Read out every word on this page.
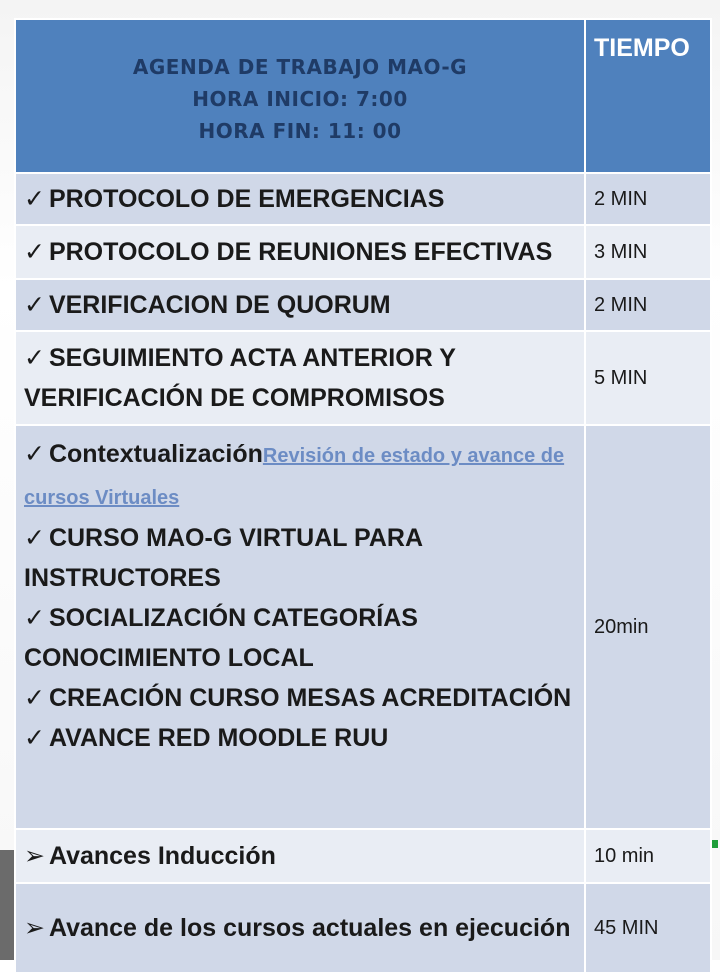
AGENDA DE TRABAJO MAO-G
HORA INICIO: 7:00
HORA FIN: 11: 00	TIEMPO

✓ PROTOCOLO DE EMERGENCIAS	2 MIN

✓ PROTOCOLO DE REUNIONES EFECTIVAS	3 MIN

✓ VERIFICACION DE QUORUM	2 MIN

✓ SEGUIMIENTO ACTA ANTERIOR Y VERIFICACIÓN DE COMPROMISOS	5 MIN

✓ ContextualizaciónRevisión de estado y avance de cursos Virtuales
✓ CURSO MAO-G VIRTUAL PARA INSTRUCTORES
✓ SOCIALIZACIÓN CATEGORÍAS CONOCIMIENTO LOCAL
✓ CREACIÓN CURSO MESAS ACREDITACIÓN
✓ AVANCE RED MOODLE RUU	20min

➢ Avances Inducción	10 min

➢ Avance de los cursos actuales en ejecución	45 MIN
